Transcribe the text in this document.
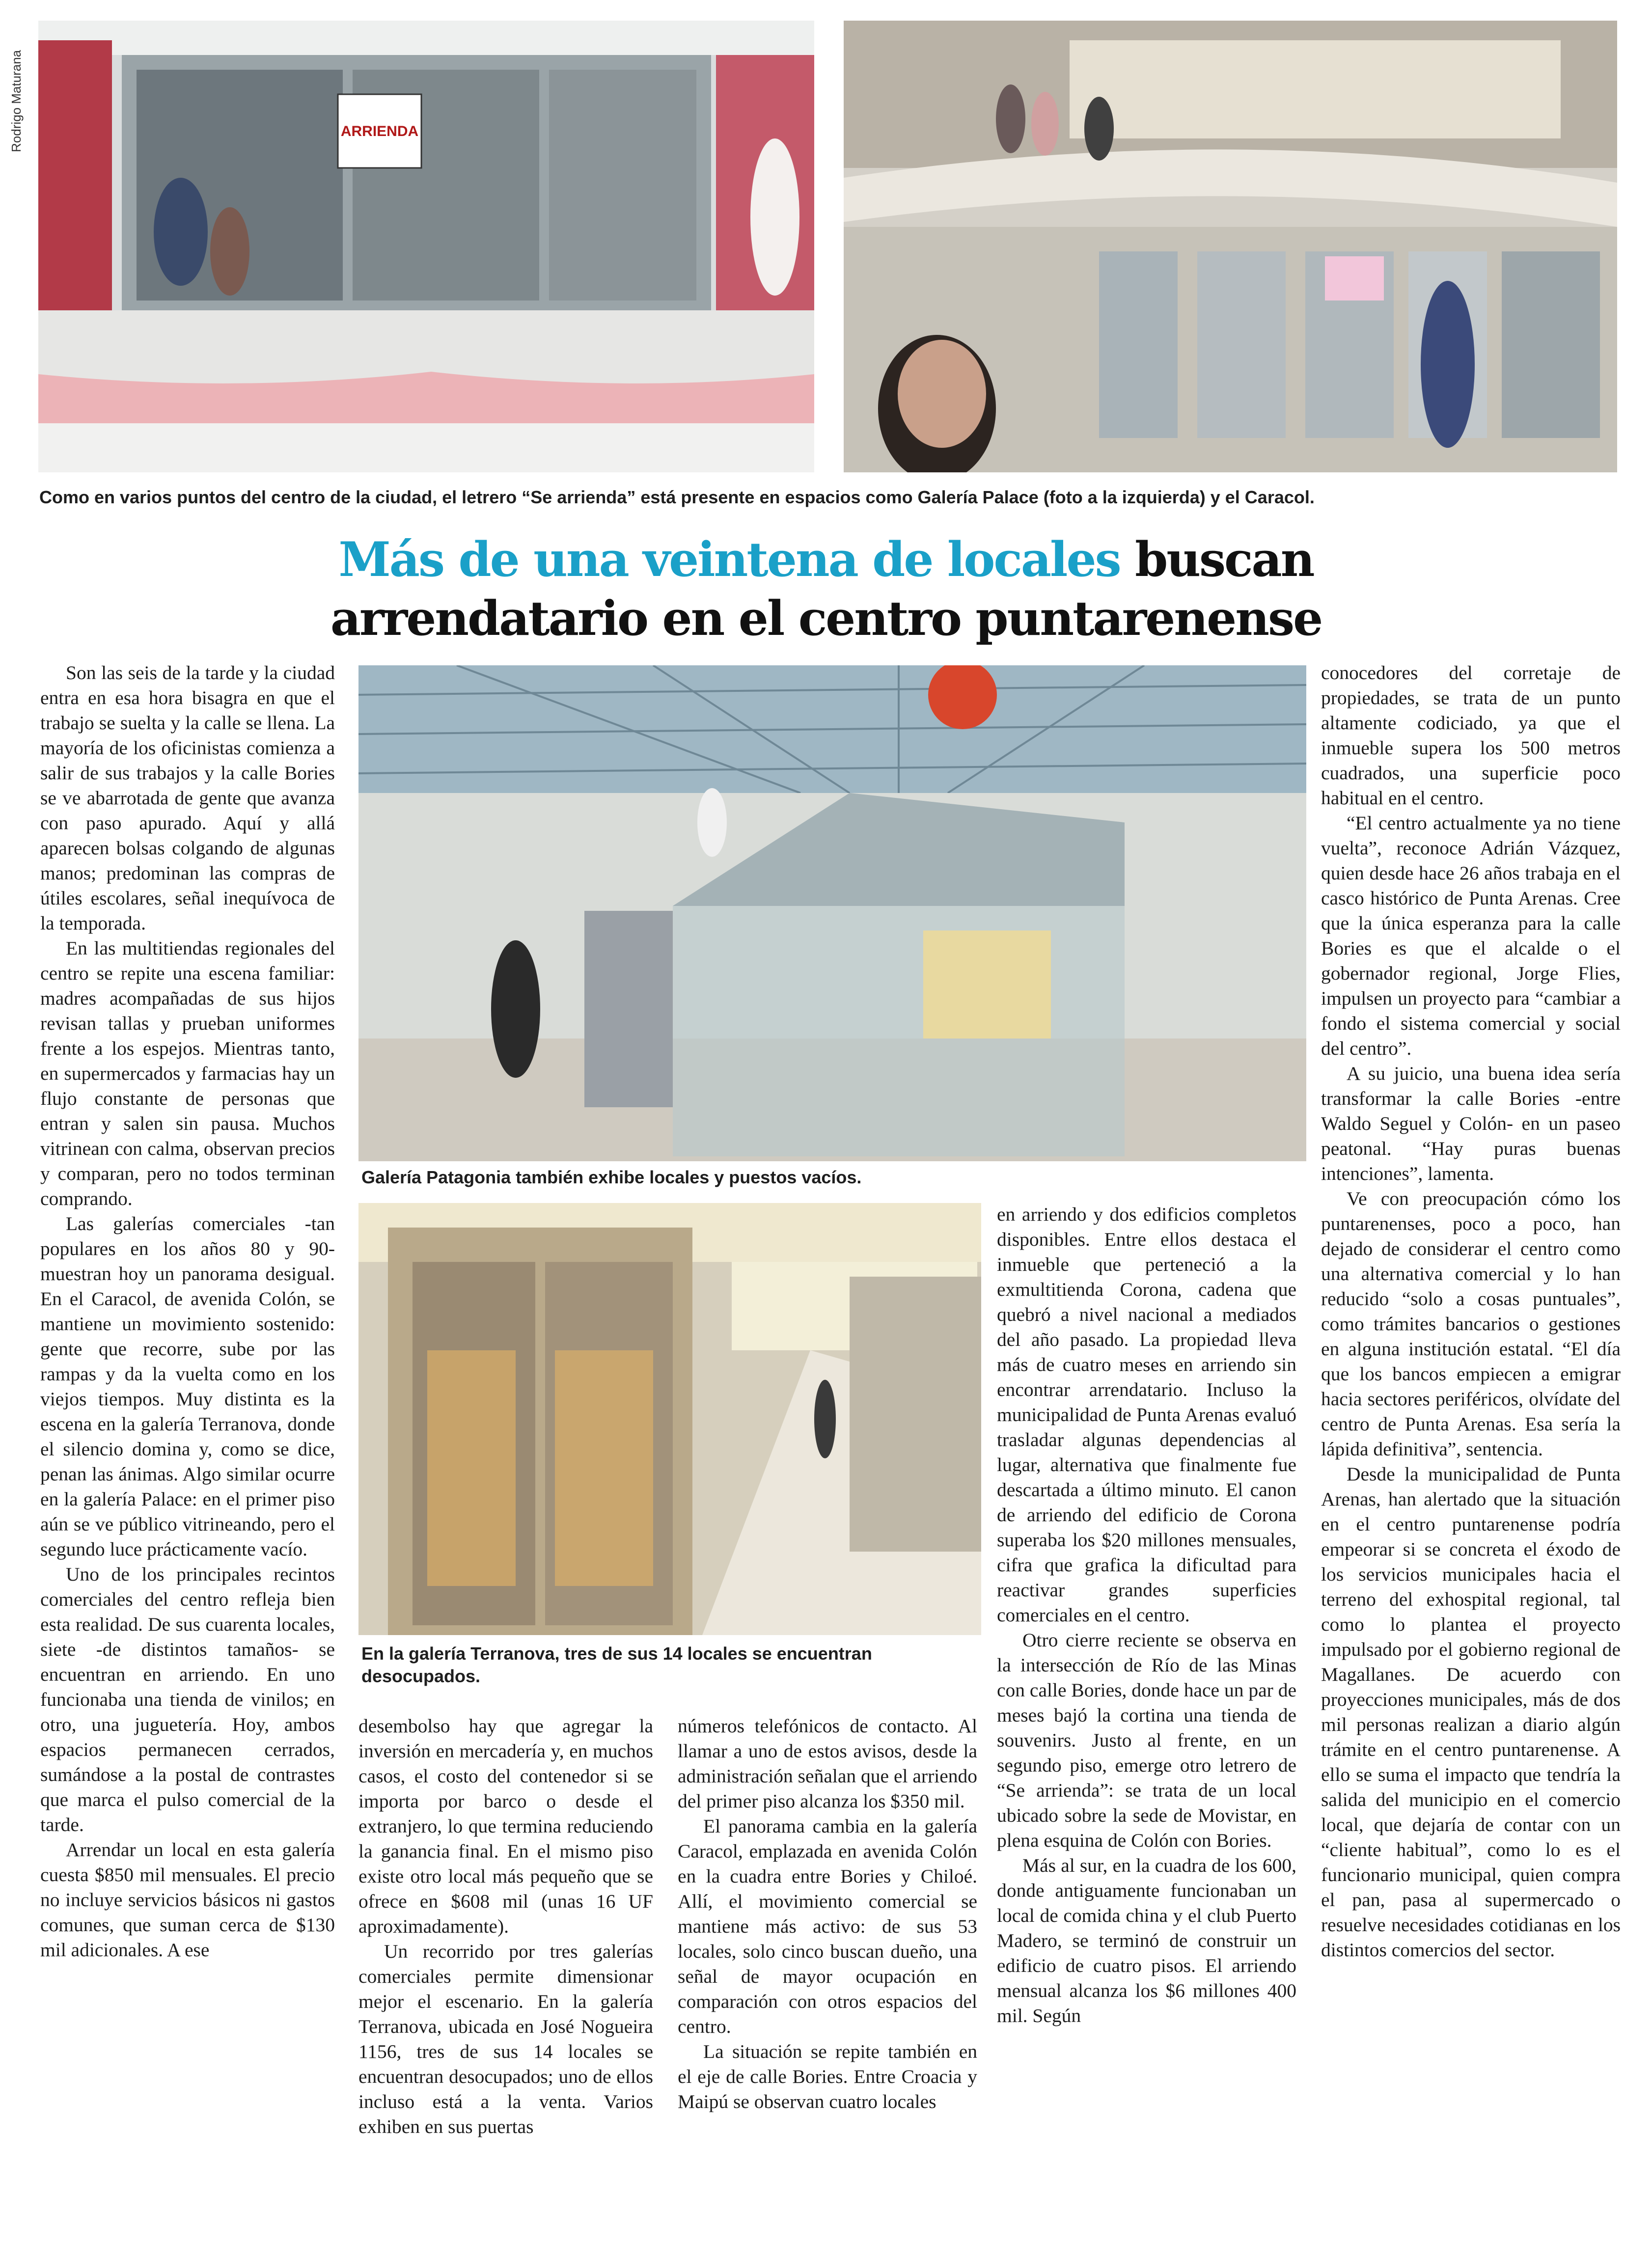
Rodrigo Maturana	ARRIENDA
Como en varios puntos del centro de la ciudad, el letrero “Se arrienda” está presente en espacios como Galería Palace (foto a la izquierda) y el Caracol.
Más de una veintena de locales buscan
arrendatario en el centro puntarenense
Galería Patagonia también exhibe locales y puestos vacíos.
En la galería Terranova, tres de sus 14 locales se encuentran desocupados.

Son las seis de la tarde y la ciudad entra en esa hora bisagra en que el trabajo se suelta y la calle se llena. La mayoría de los oficinistas comienza a salir de sus trabajos y la calle Bories se ve abarrotada de gente que avanza con paso apurado. Aquí y allá aparecen bolsas colgando de algunas manos; predominan las compras de útiles escolares, señal inequívoca de la temporada.

En las multitiendas regionales del centro se repite una escena familiar: madres acompañadas de sus hijos revisan tallas y prueban uniformes frente a los espejos. Mientras tanto, en supermercados y farmacias hay un flujo constante de personas que entran y salen sin pausa. Muchos vitrinean con calma, observan precios y comparan, pero no todos terminan comprando.

Las galerías comerciales -tan populares en los años 80 y 90- muestran hoy un panorama desigual. En el Caracol, de avenida Colón, se mantiene un movimiento sostenido: gente que recorre, sube por las rampas y da la vuelta como en los viejos tiempos. Muy distinta es la escena en la galería Terranova, donde el silencio domina y, como se dice, penan las ánimas. Algo similar ocurre en la galería Palace: en el primer piso aún se ve público vitrineando, pero el segundo luce prácticamente vacío.

Uno de los principales recintos comerciales del centro refleja bien esta realidad. De sus cuarenta locales, siete -de distintos tamaños- se encuentran en arriendo. En uno funcionaba una tienda de vinilos; en otro, una juguetería. Hoy, ambos espacios permanecen cerrados, sumándose a la postal de contrastes que marca el pulso comercial de la tarde.

Arrendar un local en esta galería cuesta $850 mil mensuales. El precio no incluye servicios básicos ni gastos comunes, que suman cerca de $130 mil adicionales. A ese

desembolso hay que agregar la inversión en mercadería y, en muchos casos, el costo del contenedor si se importa por barco o desde el extranjero, lo que termina reduciendo la ganancia final. En el mismo piso existe otro local más pequeño que se ofrece en $608 mil (unas 16 UF aproximadamente).

Un recorrido por tres galerías comerciales permite dimensionar mejor el escenario. En la galería Terranova, ubicada en José Nogueira 1156, tres de sus 14 locales se encuentran desocupados; uno de ellos incluso está a la venta. Varios exhiben en sus puertas

números telefónicos de contacto. Al llamar a uno de estos avisos, desde la administración señalan que el arriendo del primer piso alcanza los $350 mil.

El panorama cambia en la galería Caracol, emplazada en avenida Colón en la cuadra entre Bories y Chiloé. Allí, el movimiento comercial se mantiene más activo: de sus 53 locales, solo cinco buscan dueño, una señal de mayor ocupación en comparación con otros espacios del centro.

La situación se repite también en el eje de calle Bories. Entre Croacia y Maipú se observan cuatro locales

en arriendo y dos edificios completos disponibles. Entre ellos destaca el inmueble que perteneció a la exmultitienda Corona, cadena que quebró a nivel nacional a mediados del año pasado. La propiedad lleva más de cuatro meses en arriendo sin encontrar arrendatario. Incluso la municipalidad de Punta Arenas evaluó trasladar algunas dependencias al lugar, alternativa que finalmente fue descartada a último minuto. El canon de arriendo del edificio de Corona superaba los $20 millones mensuales, cifra que grafica la dificultad para reactivar grandes superficies comerciales en el centro.

Otro cierre reciente se observa en la intersección de Río de las Minas con calle Bories, donde hace un par de meses bajó la cortina una tienda de souvenirs. Justo al frente, en un segundo piso, emerge otro letrero de “Se arrienda”: se trata de un local ubicado sobre la sede de Movistar, en plena esquina de Colón con Bories.

Más al sur, en la cuadra de los 600, donde antiguamente funcionaban un local de comida china y el club Puerto Madero, se terminó de construir un edificio de cuatro pisos. El arriendo mensual alcanza los $6 millones 400 mil. Según

conocedores del corretaje de propiedades, se trata de un punto altamente codiciado, ya que el inmueble supera los 500 metros cuadrados, una superficie poco habitual en el centro.

“El centro actualmente ya no tiene vuelta”, reconoce Adrián Vázquez, quien desde hace 26 años trabaja en el casco histórico de Punta Arenas. Cree que la única esperanza para la calle Bories es que el alcalde o el gobernador regional, Jorge Flies, impulsen un proyecto para “cambiar a fondo el sistema comercial y social del centro”.

A su juicio, una buena idea sería transformar la calle Bories -entre Waldo Seguel y Colón- en un paseo peatonal. “Hay puras buenas intenciones”, lamenta.

Ve con preocupación cómo los puntarenenses, poco a poco, han dejado de considerar el centro como una alternativa comercial y lo han reducido “solo a cosas puntuales”, como trámites bancarios o gestiones en alguna institución estatal. “El día que los bancos empiecen a emigrar hacia sectores periféricos, olvídate del centro de Punta Arenas. Esa sería la lápida definitiva”, sentencia.

Desde la municipalidad de Punta Arenas, han alertado que la situación en el centro puntarenense podría empeorar si se concreta el éxodo de los servicios municipales hacia el terreno del exhospital regional, tal como lo plantea el proyecto impulsado por el gobierno regional de Magallanes. De acuerdo con proyecciones municipales, más de dos mil personas realizan a diario algún trámite en el centro puntarenense. A ello se suma el impacto que tendría la salida del municipio en el comercio local, que dejaría de contar con un “cliente habitual”, como lo es el funcionario municipal, quien compra el pan, pasa al supermercado o resuelve necesidades cotidianas en los distintos comercios del sector.
